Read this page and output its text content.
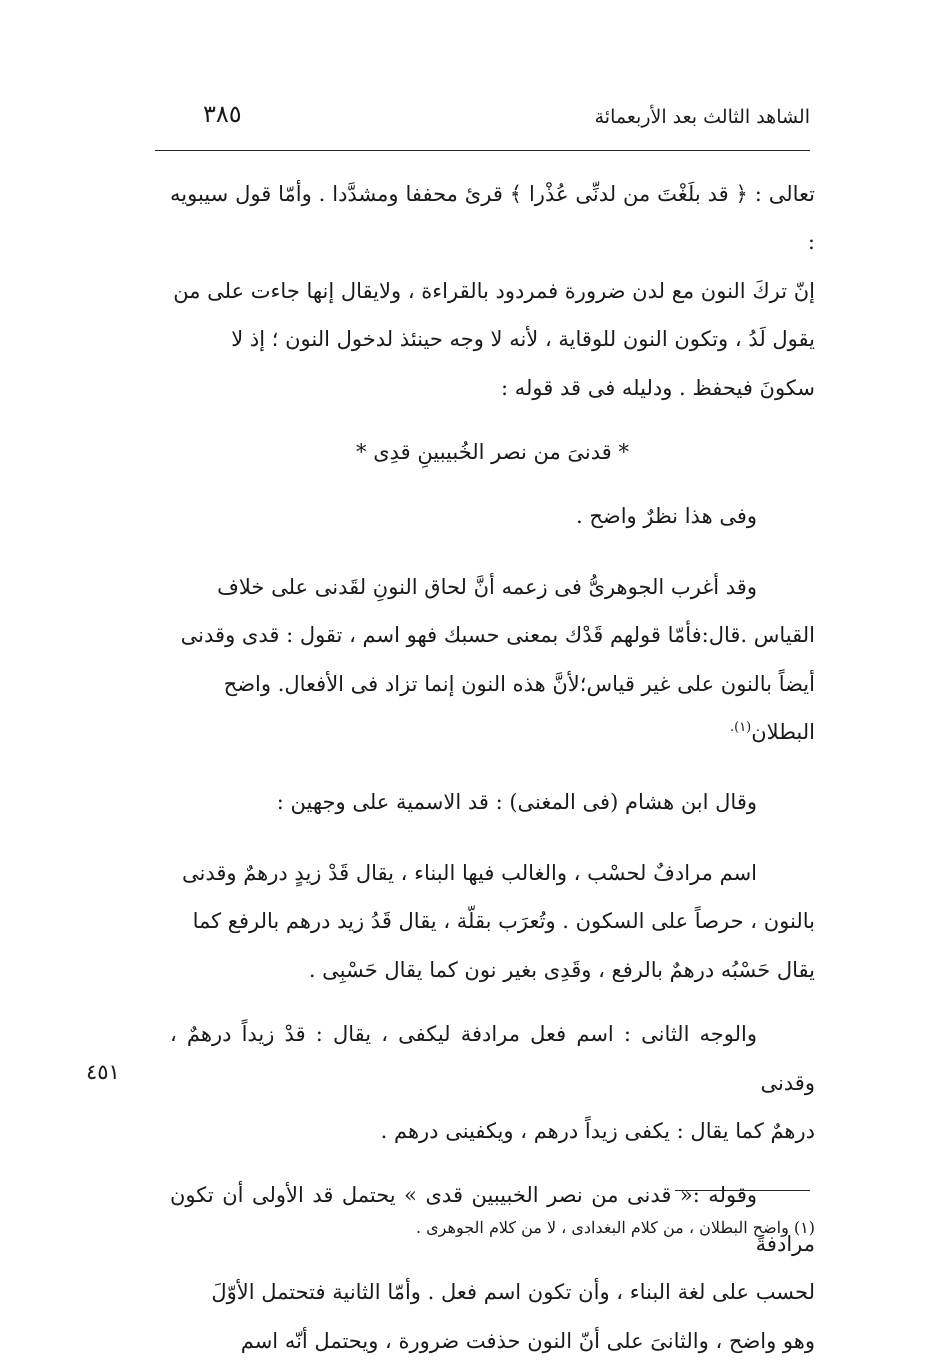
الشاهد الثالث بعد الأربعمائة
٣٨٥

تعالى : ﴿ قد بلَغْتَ من لدنِّى عُذْرا ﴾ قرئ محففا ومشدَّدا . وأمّا قول سيبويه :
إنّ تركَ النون مع لدن ضرورة فمردود بالقراءة ، ولايقال إنها جاءت على من
يقول لَدُ ، وتكون النون للوقاية ، لأنه لا وجه حينئذ لدخول النون ؛ إذ لا
سكونَ فيحفظ . ودليله فى قد قوله :

* قدنىَ من نصر الخُبيبينِ قدِى *

وفى هذا نظرٌ واضح .

وقد أغرب الجوهرىُّ فى زعمه أنَّ لحاق النونِ لقَدنى على خلاف
القياس .قال:فأمّا قولهم قَدْك بمعنى حسبك فهو اسم ، تقول : قدى وقدنى
أيضاً بالنون على غير قياس؛لأنَّ هذه النون إنما تزاد فى الأفعال. واضح
البطلان$^{(١).}$

وقال ابن هشام (فى المغنى) : قد الاسمية على وجهين :

اسم مرادفٌ لحسْب ، والغالب فيها البناء ، يقال قَدْ زيدٍ درهمٌ وقدنى
بالنون ، حرصاً على السكون . وتُعرَب بقلّة ، يقال قَدُ زيد درهم بالرفع كما
يقال حَسْبُه درهمٌ بالرفع ، وقَدِى بغير نون كما يقال حَسْبِى .

والوجه الثانى : اسم فعل مرادفة ليكفى ، يقال : قدْ زيداً درهمٌ ، وقدنى
درهمٌ كما يقال : يكفى زيداً درهم ، ويكفينى درهم .

وقوله :« قدنى من نصر الخبيبين قدى » يحتمل قد الأولى أن تكون مرادفةً
لحسب على لغة البناء ، وأن تكون اسم فعل . وأمّا الثانية فتحتمل الأوّلَ
وهو واضح ، والثانىَ على أنّ النون حذفت ضرورة ، ويحتمل أنّه اسم

٤٥١
(١) واضح البطلان ، من كلام البغدادى ، لا من كلام الجوهرى .
